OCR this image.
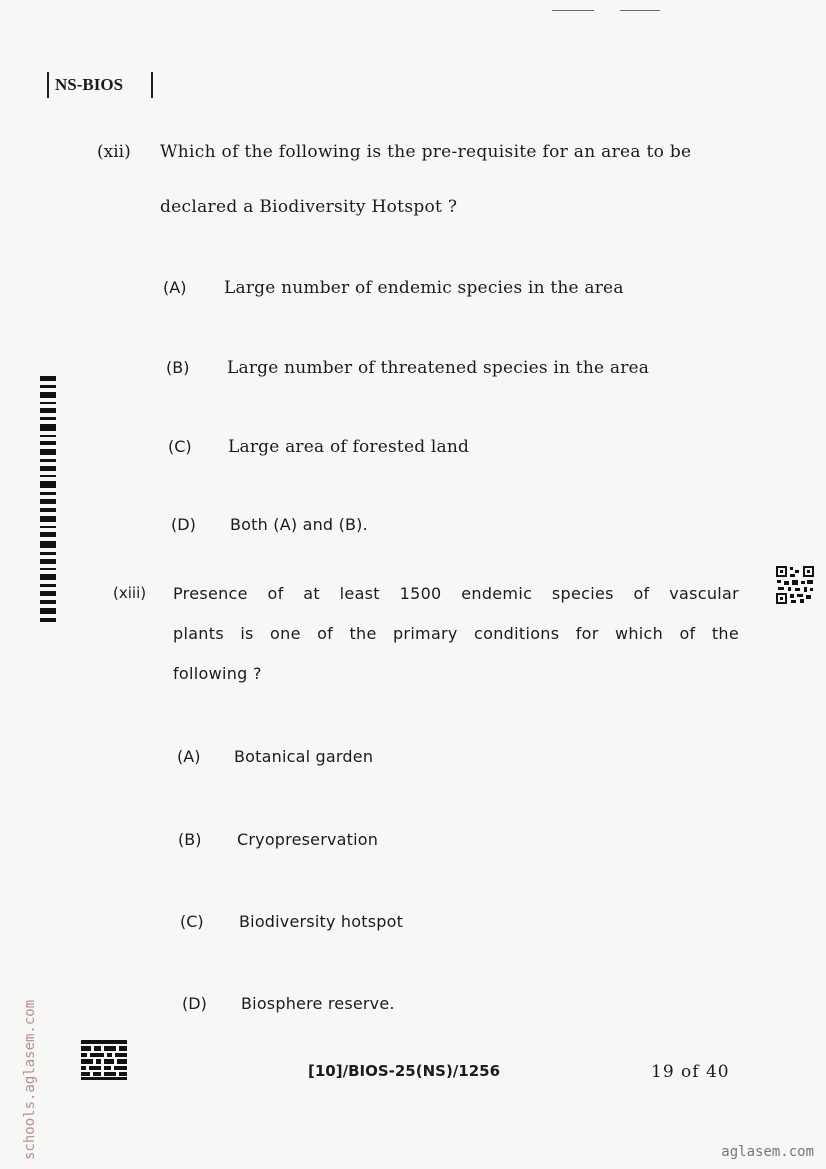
NS-BIOS
(xii) Which of the following is the pre-requisite for an area to be
declared a Biodiversity Hotspot ?
(A) Large number of endemic species in the area
(B) Large number of threatened species in the area
(C) Large area of forested land
(D) Both (A) and (B).
(xiii) Presence of at least 1500 endemic species of vascular
plants is one of the primary conditions for which of the
following ?
(A) Botanical garden
(B) Cryopreservation
(C) Biodiversity hotspot
(D) Biosphere reserve.
[10]/BIOS-25(NS)/1256	19 of 40
schools.aglasem.com	aglasem.com
